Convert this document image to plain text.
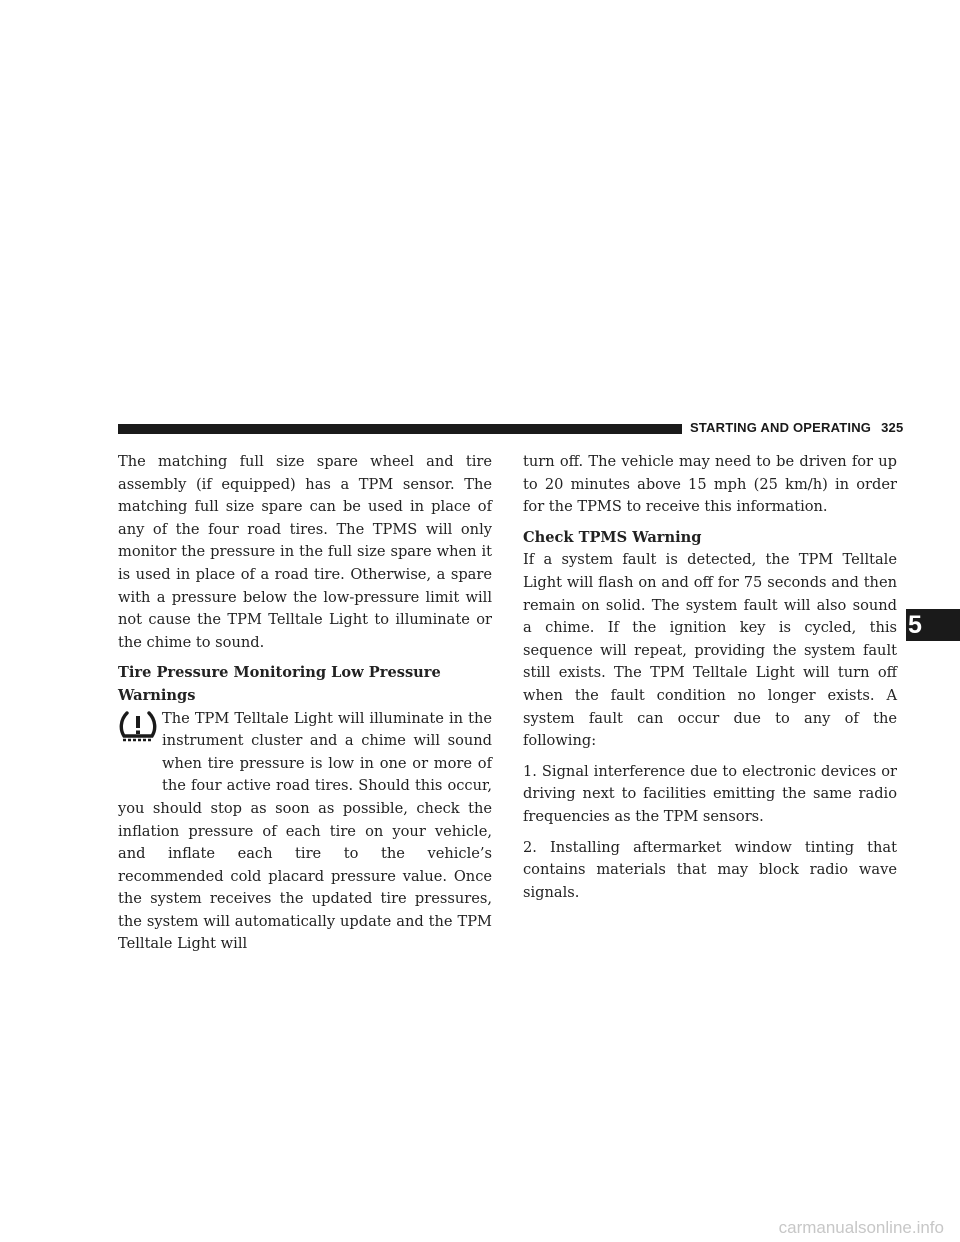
STARTING AND OPERATING 325

The matching full size spare wheel and tire assembly (if equipped) has a TPM sensor. The matching full size spare can be used in place of any of the four road tires. The TPMS will only monitor the pressure in the full size spare when it is used in place of a road tire. Otherwise, a spare with a pressure below the low-pressure limit will not cause the TPM Telltale Light to illuminate or the chime to sound.

Tire Pressure Monitoring Low Pressure Warnings

The TPM Telltale Light will illuminate in the instrument cluster and a chime will sound when tire pressure is low in one or more of the four active road tires. Should this occur, you should stop as soon as possible, check the inflation pressure of each tire on your vehicle, and inflate each tire to the vehicle’s recommended cold placard pressure value. Once the system receives the updated tire pressures, the system will automatically update and the TPM Telltale Light will

turn off. The vehicle may need to be driven for up to 20 minutes above 15 mph (25 km/h) in order for the TPMS to receive this information.

Check TPMS Warning

If a system fault is detected, the TPM Telltale Light will flash on and off for 75 seconds and then remain on solid. The system fault will also sound a chime. If the ignition key is cycled, this sequence will repeat, providing the system fault still exists. The TPM Telltale Light will turn off when the fault condition no longer exists. A system fault can occur due to any of the following:

1. Signal interference due to electronic devices or driving next to facilities emitting the same radio frequencies as the TPM sensors.

2. Installing aftermarket window tinting that contains materials that may block radio wave signals.

5
carmanualsonline.info
